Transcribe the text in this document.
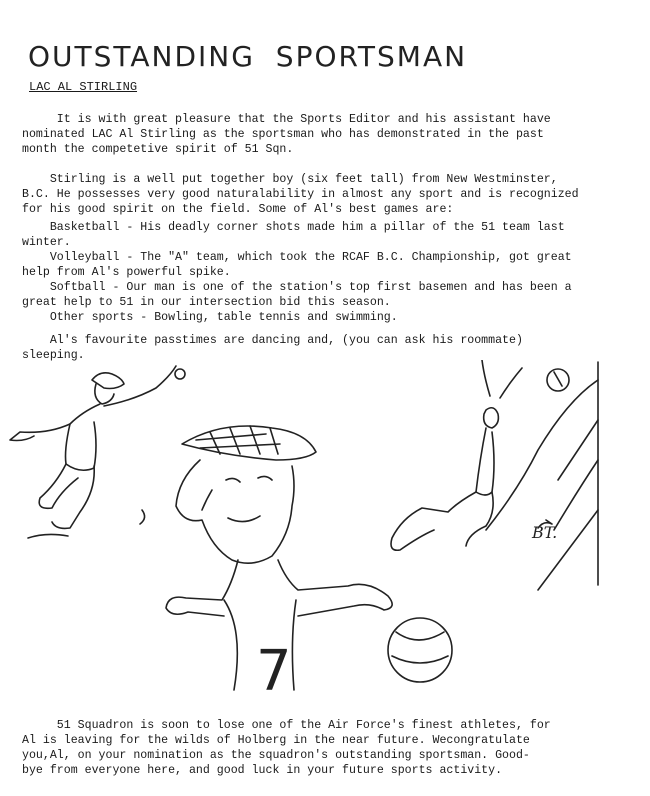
OUTSTANDING SPORTSMAN
LAC AL STIRLING

It is with great pleasure that the Sports Editor and his assistant have
nominated LAC Al Stirling as the sportsman who has demonstrated in the past
month the competetive spirit of 51 Sqn.

Stirling is a well put together boy (six feet tall) from New Westminster,
B.C. He possesses very good naturalability in almost any sport and is recognized
for his good spirit on the field. Some of Al's best games are:

Basketball - His deadly corner shots made him a pillar of the 51 team last
winter.
Volleyball - The "A" team, which took the RCAF B.C. Championship, got great
help from Al's powerful spike.
Softball - Our man is one of the station's top first basemen and has been a
great help to 51 in our intersection bid this season.
Other sports - Bowling, table tennis and swimming.

Al's favourite passtimes are dancing and, (you can ask his roommate)
sleeping.

7
BT.

51 Squadron is soon to lose one of the Air Force's finest athletes, for
Al is leaving for the wilds of Holberg in the near future. Wecongratulate
you,Al, on your nomination as the squadron's outstanding sportsman. Good-
bye from everyone here, and good luck in your future sports activity.
